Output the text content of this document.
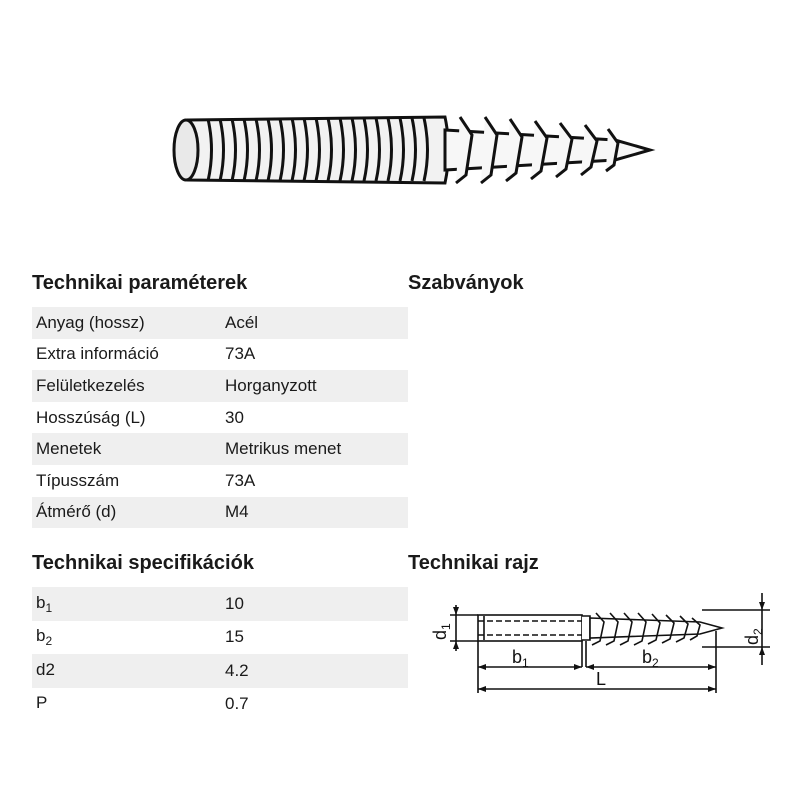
Technikai paraméterek
Anyag (hossz)	Acél
Extra információ	73A
Felületkezelés	Horganyzott
Hosszúság (L)	30
Menetek	Metrikus menet
Típusszám	73A
Átmérő (d)	M4
Szabványok
Technikai specifikációk
$b_1$	10
$b_2$	15
d2	4.2
P	0.7
Technikai rajz
$d_1$
$d_2$
$b_1$	$b_2$
L
